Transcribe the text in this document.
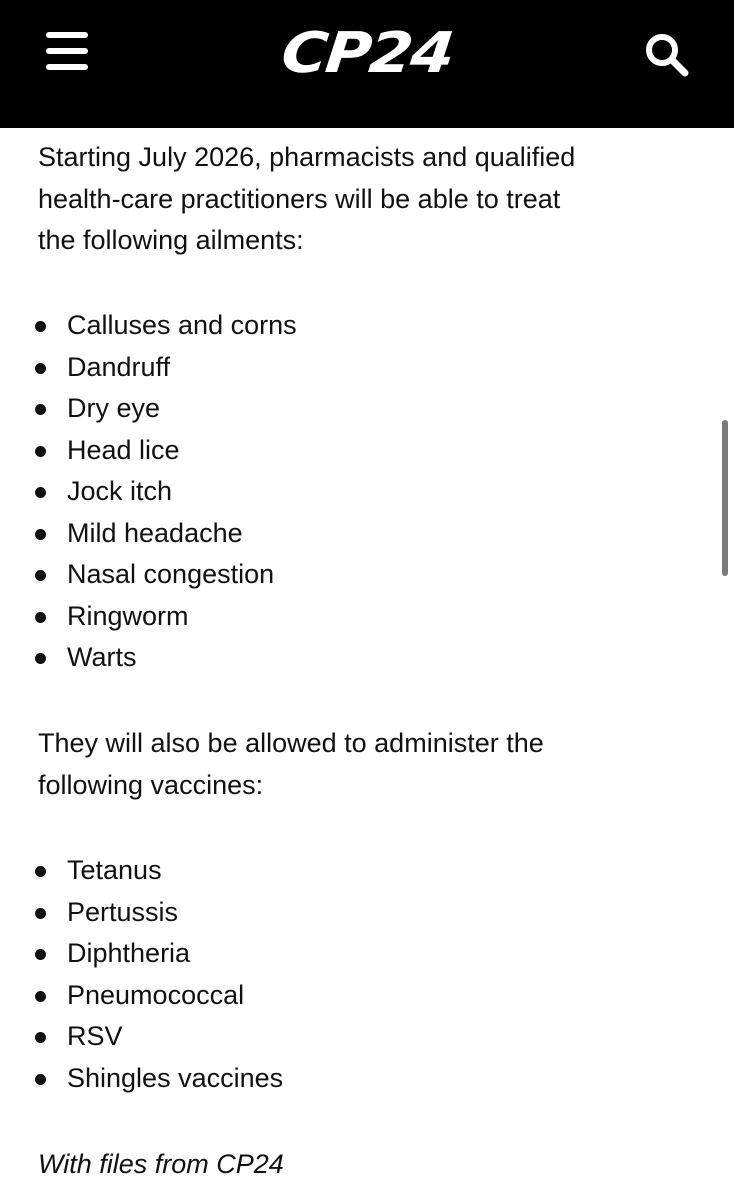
CP24

Starting July 2026, pharmacists and qualified health-care practitioners will be able to treat the following ailments:

Calluses and corns
Dandruff
Dry eye
Head lice
Jock itch
Mild headache
Nasal congestion
Ringworm
Warts

They will also be allowed to administer the following vaccines:

Tetanus
Pertussis
Diphtheria
Pneumococcal
RSV
Shingles vaccines
With files from CP24
